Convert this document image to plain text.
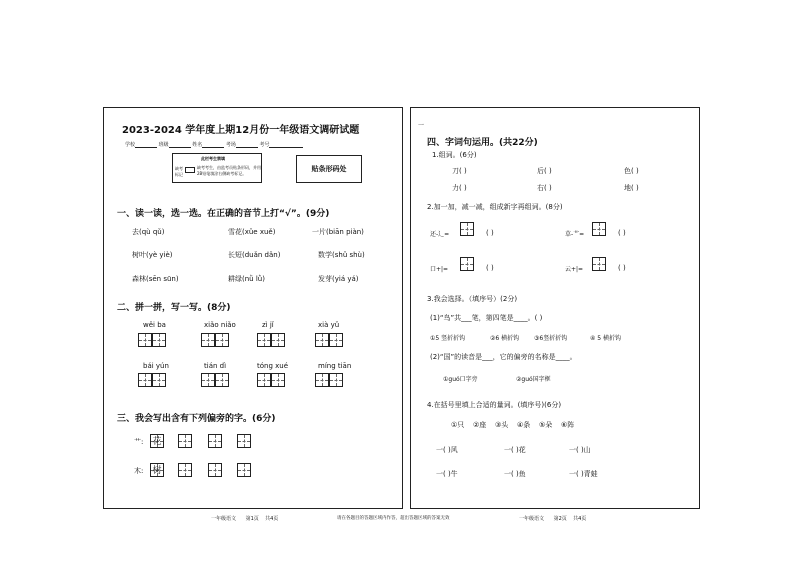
2023-2024 学年度上期12月份一年级语文调研试题
学校	班级	姓名	考场	考号
此栏考生禁填
缺考标记
缺考考生，由监考员贴条形码，并用
2B铅笔填涂右侧缺考标记。
贴条形码处
一、读一读，选一选。在正确的音节上打“√”。(9分)
去(qù qǔ)	雪花(xǔe xuě)	一片(biān piàn)
树叶(yè yiè)	长短(duǎn dǎn)	数学(shǔ shù)
森林(sēn sūn)	耕绿(nǜ lǜ)	发芽(yiá yá)
二、拼一拼，写一写。(8分)
wěi ba	xiǎo niǎo	zì jǐ	xià yǔ
bái yún	tián dì	tóng xué	míng tiān
三、我会写出含有下列偏旁的字。(6分)
艹: 花
木: 树
一
四、字词句运用。(共22分)
1.组词。(6分)
刀( )	后( )	色( )
力( )	右( )	地( )
2.加一加，减一减，组成新字再组词。(8分)
还-辶=	( )	草-艹=	( )
口+|=	( )	云+|=	( )
3.我会选择。（填序号）(2分)
(1)“鸟”共___笔，第四笔是____。( )
①5 竖折折钩	②6 横折钩 ③6竖折折钩	④ 5 横折钩
(2)“国”的读音是___，它的偏旁的名称是____。
①guó口字旁	②guó国字框
4.在括号里填上合适的量词。(填序号)(6分)
①只 ②座 ③头 ④条 ⑤朵 ⑥阵
一( )风	一( )花	一( )山
一( )牛	一( )鱼	一( )青蛙
一年级语文 第1页 共4页	请在各题目的答题区域内作答，超出答题区域的答案无效	一年级语文 第2页 共4页
